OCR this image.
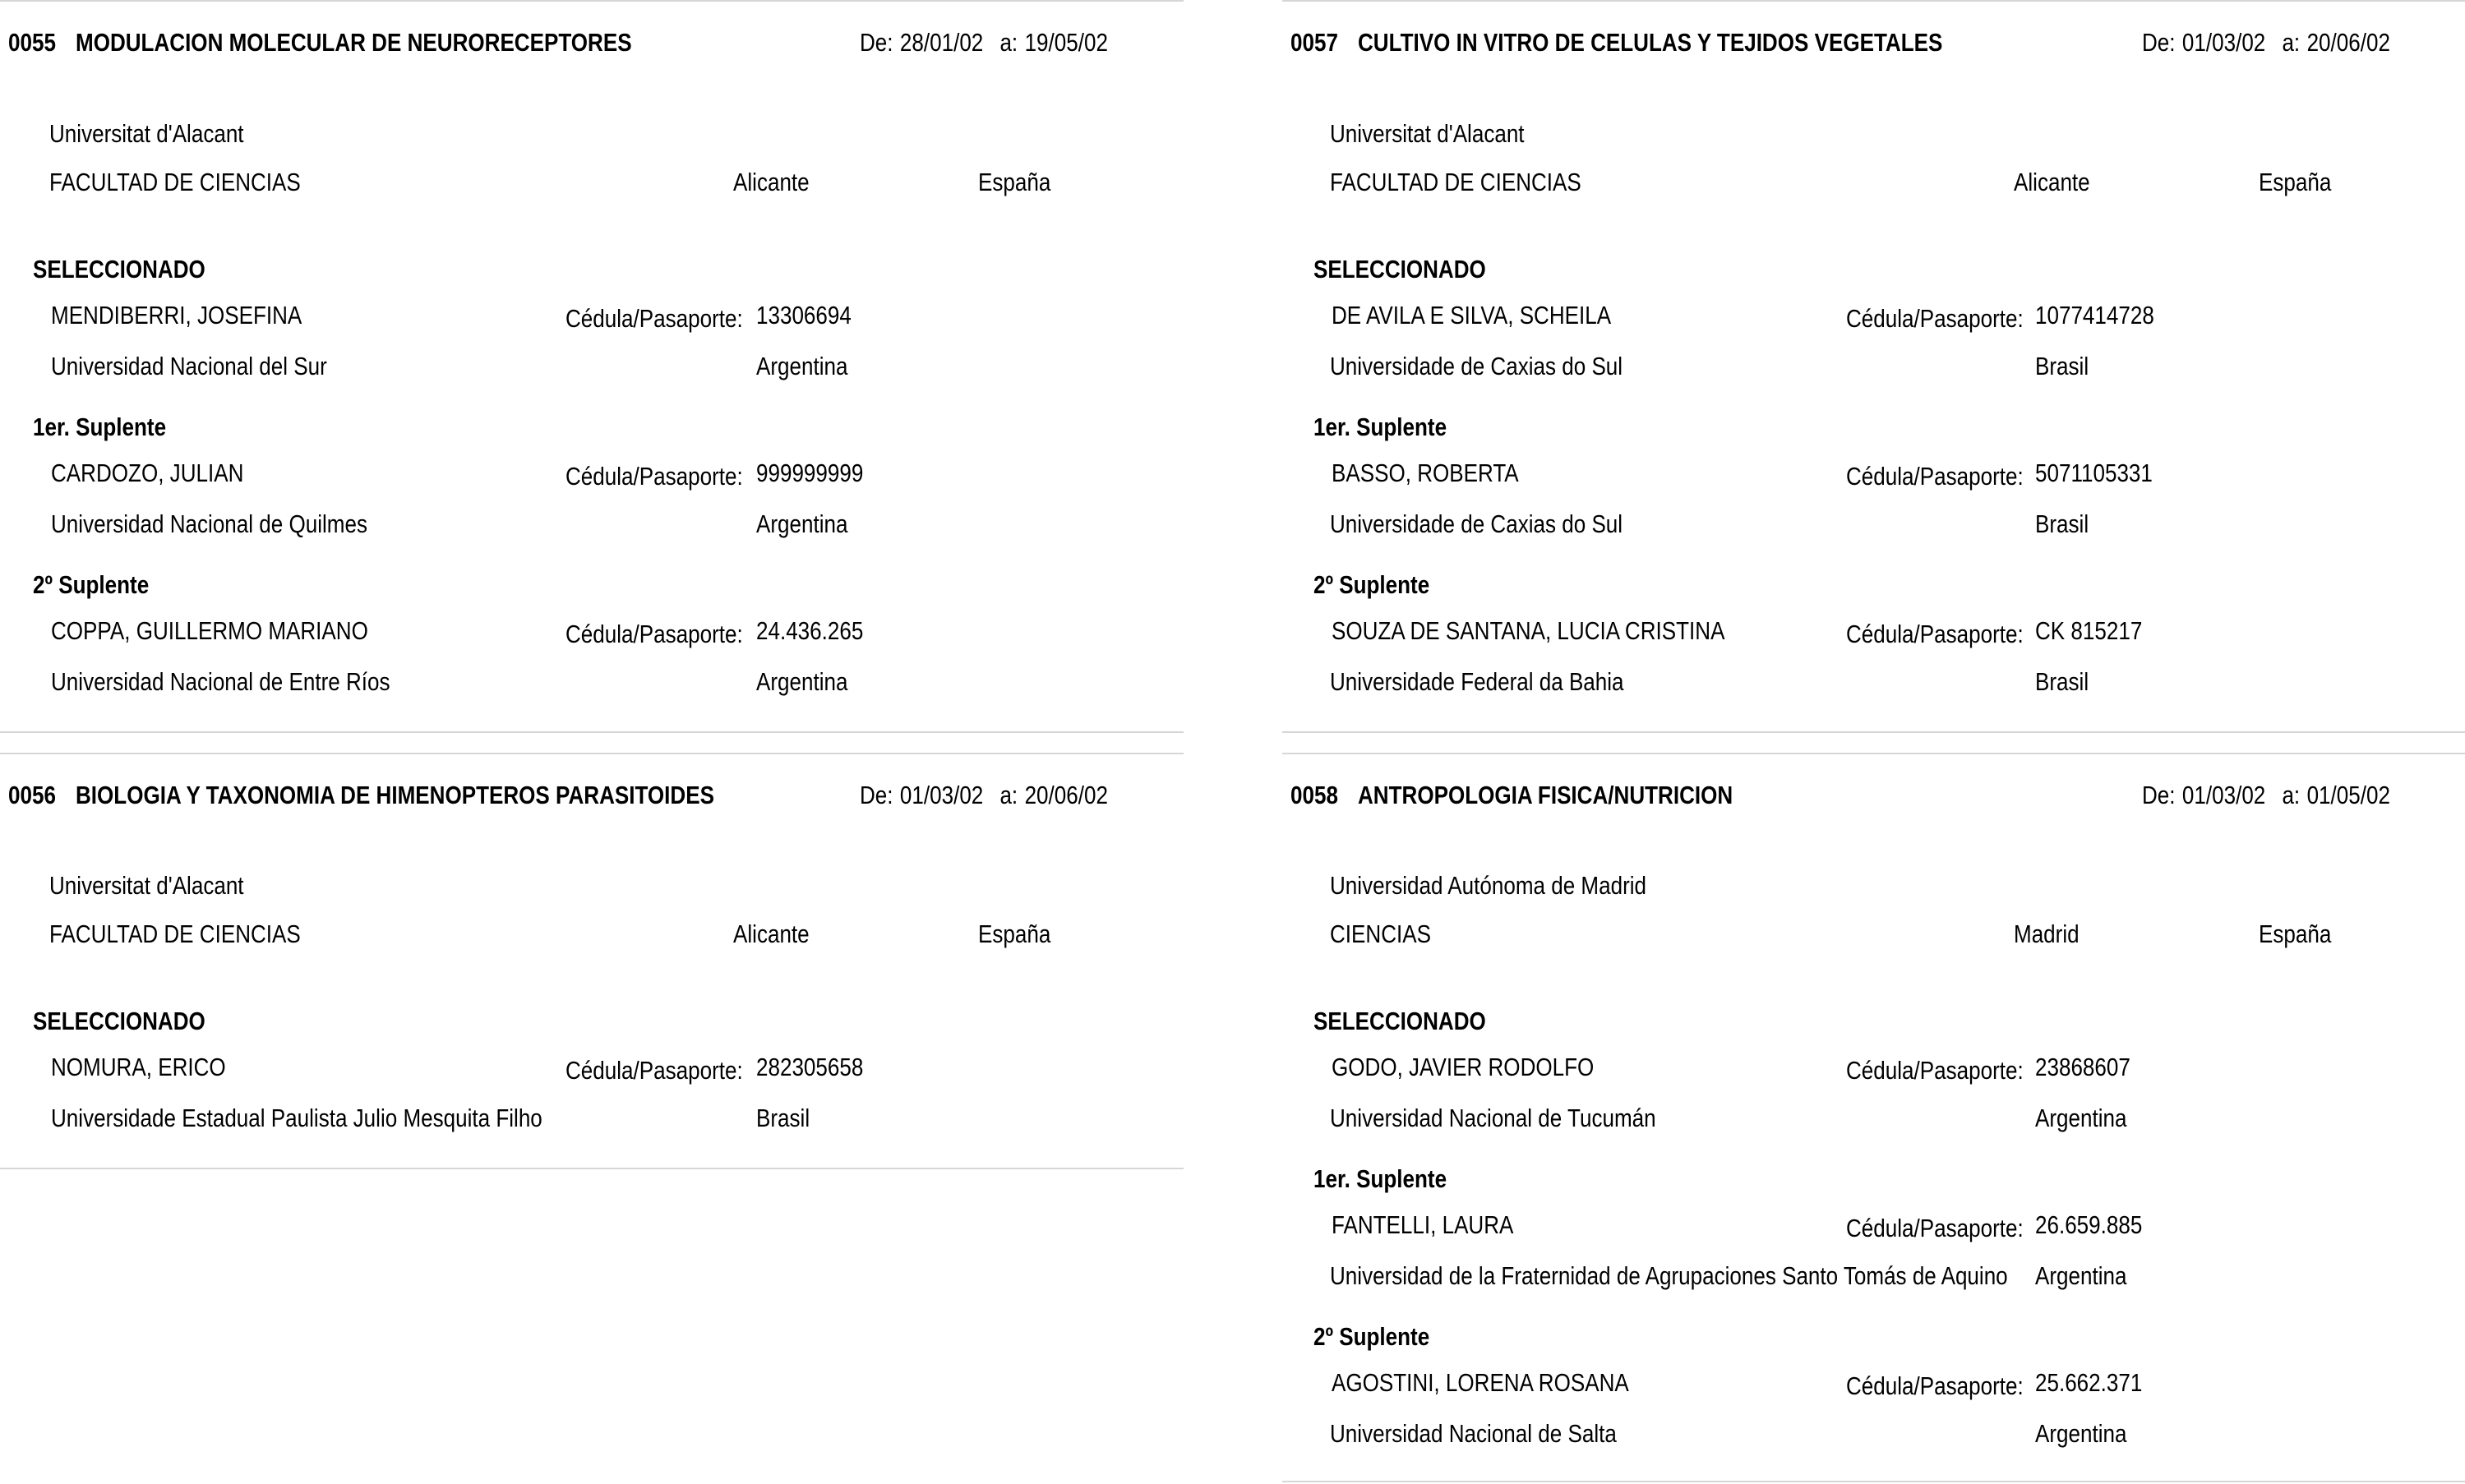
0055 MODULACION MOLECULAR DE NEURORECEPTORES	De: 28/01/02 a: 19/05/02
Universitat d'Alacant
FACULTAD DE CIENCIAS	Alicante	España
SELECCIONADO
MENDIBERRI, JOSEFINA	Cédula/Pasaporte: 13306694
Universidad Nacional del Sur	Argentina
1er. Suplente
CARDOZO, JULIAN	Cédula/Pasaporte: 999999999
Universidad Nacional de Quilmes	Argentina
2º Suplente
COPPA, GUILLERMO MARIANO	Cédula/Pasaporte: 24.436.265
Universidad Nacional de Entre Ríos	Argentina
0057 CULTIVO IN VITRO DE CELULAS Y TEJIDOS VEGETALES	De: 01/03/02 a: 20/06/02
Universitat d'Alacant
FACULTAD DE CIENCIAS	Alicante	España
SELECCIONADO
DE AVILA E SILVA, SCHEILA	Cédula/Pasaporte: 1077414728
Universidade de Caxias do Sul	Brasil
1er. Suplente
BASSO, ROBERTA	Cédula/Pasaporte: 5071105331
Universidade de Caxias do Sul	Brasil
2º Suplente
SOUZA DE SANTANA, LUCIA CRISTINA	Cédula/Pasaporte: CK 815217
Universidade Federal da Bahia	Brasil
0056 BIOLOGIA Y TAXONOMIA DE HIMENOPTEROS PARASITOIDES	De: 01/03/02 a: 20/06/02
Universitat d'Alacant
FACULTAD DE CIENCIAS	Alicante	España
SELECCIONADO
NOMURA, ERICO	Cédula/Pasaporte: 282305658
Universidade Estadual Paulista Julio Mesquita Filho	Brasil
0058 ANTROPOLOGIA FISICA/NUTRICION	De: 01/03/02 a: 01/05/02
Universidad Autónoma de Madrid
CIENCIAS	Madrid	España
SELECCIONADO
GODO, JAVIER RODOLFO	Cédula/Pasaporte: 23868607
Universidad Nacional de Tucumán	Argentina
1er. Suplente
FANTELLI, LAURA	Cédula/Pasaporte: 26.659.885
Universidad de la Fraternidad de Agrupaciones Santo Tomás de Aquino Argentina
2º Suplente
AGOSTINI, LORENA ROSANA	Cédula/Pasaporte: 25.662.371
Universidad Nacional de Salta	Argentina
